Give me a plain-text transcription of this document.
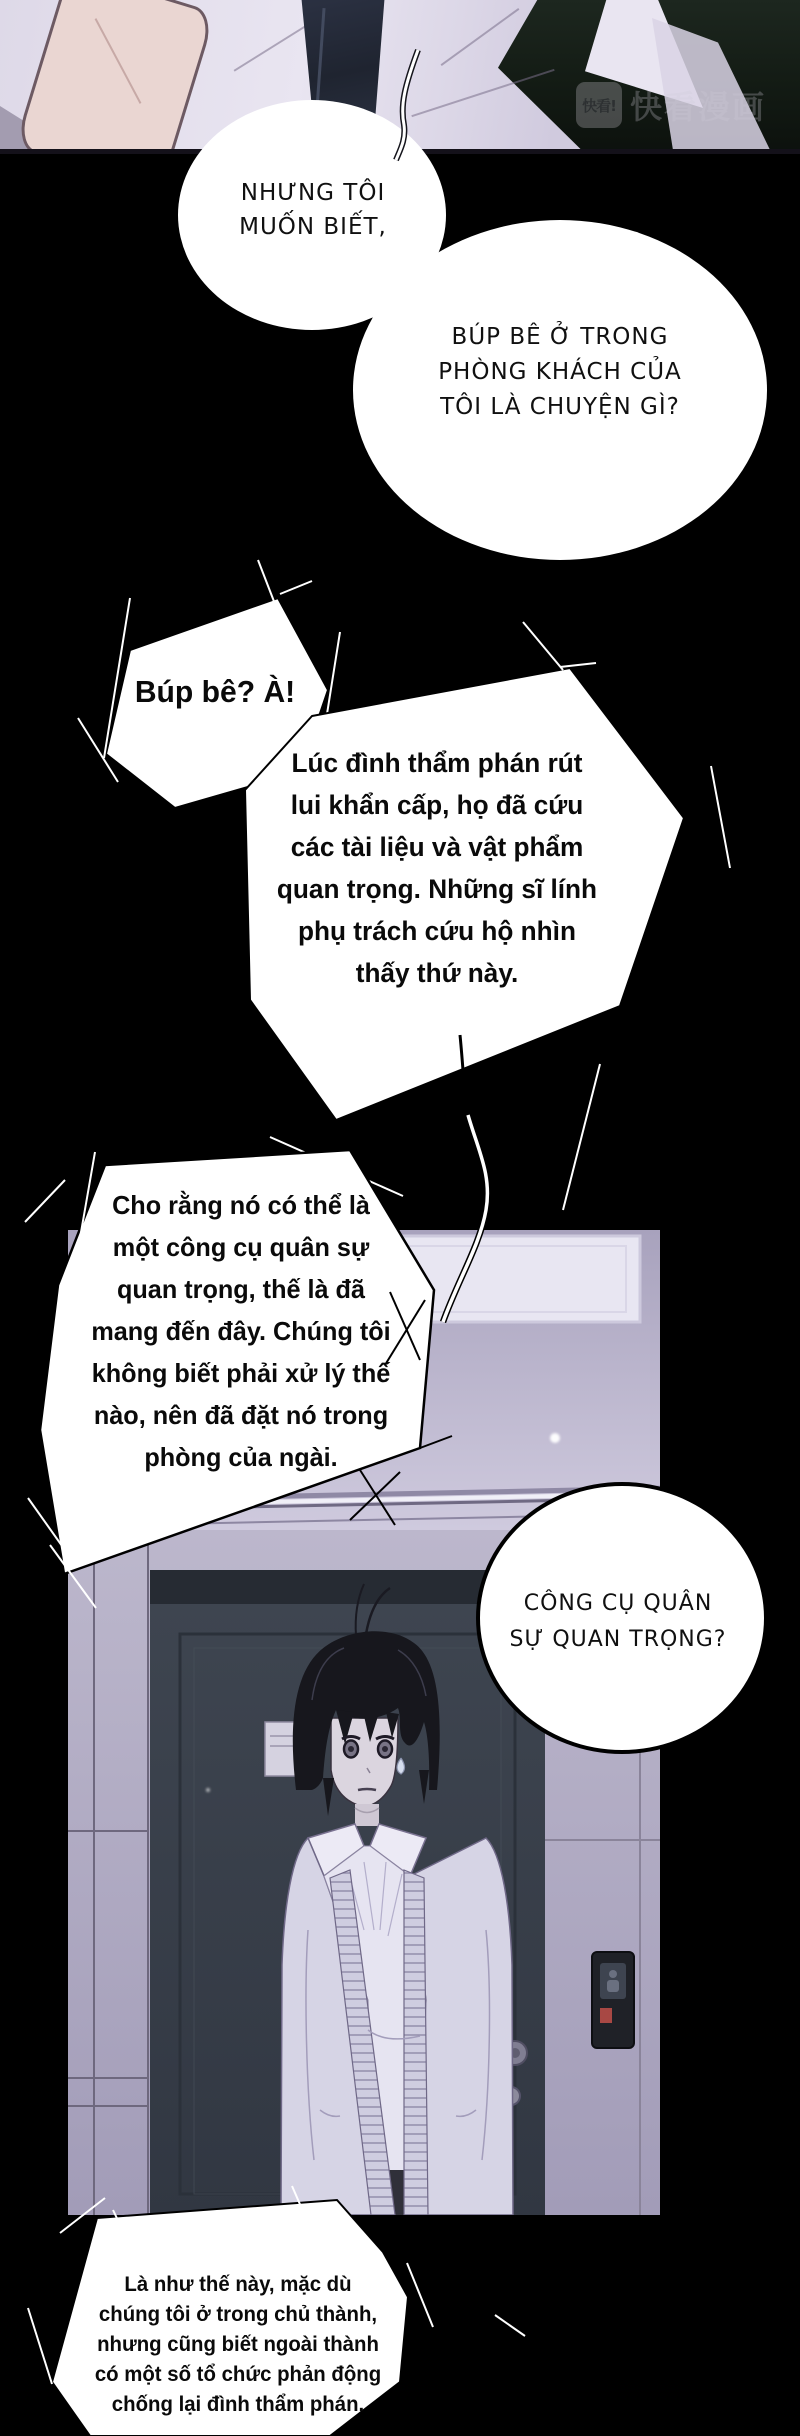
快看! 快看漫画
NHƯNG TÔI
MUỐN BIẾT,
BÚP BÊ Ở TRONG
PHÒNG KHÁCH CỦA
TÔI LÀ CHUYỆN GÌ?
Búp bê? À!
Lúc đình thẩm phán rút
lui khẩn cấp, họ đã cứu
các tài liệu và vật phẩm
quan trọng. Những sĩ lính
phụ trách cứu hộ nhìn
thấy thứ này.
Cho rằng nó có thể là
một công cụ quân sự
quan trọng, thế là đã
mang đến đây. Chúng tôi
không biết phải xử lý thế
nào, nên đã đặt nó trong
phòng của ngài.
CÔNG CỤ QUÂN
SỰ QUAN TRỌNG?
Là như thế này, mặc dù
chúng tôi ở trong chủ thành,
nhưng cũng biết ngoài thành
có một số tổ chức phản động
chống lại đình thẩm phán.
